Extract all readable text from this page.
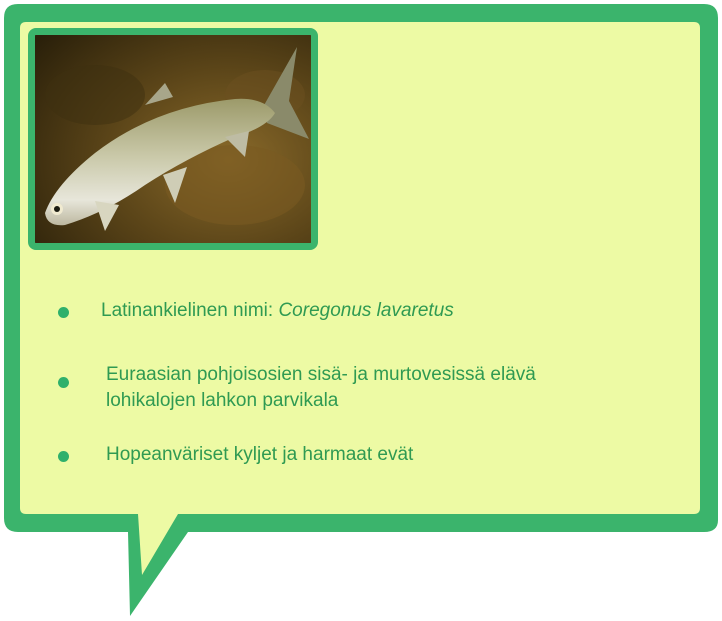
Latinankielinen nimi: Coregonus lavaretus
Euraasian pohjoisosien sisä- ja murtovesissä elävä
lohikalojen lahkon parvikala
Hopeanväriset kyljet ja harmaat evät
